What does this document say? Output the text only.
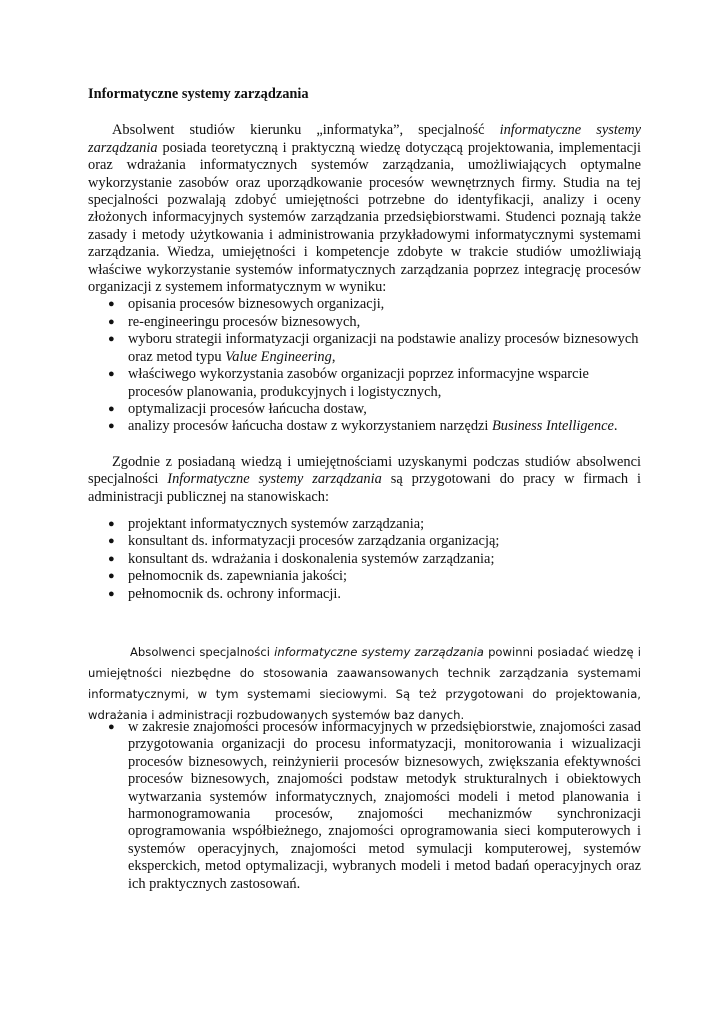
Informatyczne systemy zarządzania

Absolwent studiów kierunku „informatyka”, specjalność informatyczne systemy zarządzania posiada teoretyczną i praktyczną wiedzę dotyczącą projektowania, implementacji oraz wdrażania informatycznych systemów zarządzania, umożliwiających optymalne wykorzystanie zasobów oraz uporządkowanie procesów wewnętrznych firmy. Studia na tej specjalności pozwalają zdobyć umiejętności potrzebne do identyfikacji, analizy i oceny złożonych informacyjnych systemów zarządzania przedsiębiorstwami. Studenci poznają także zasady i metody użytkowania i administrowania przykładowymi informatycznymi systemami zarządzania. Wiedza, umiejętności i kompetencje zdobyte w trakcie studiów umożliwiają właściwe wykorzystanie systemów informatycznych zarządzania poprzez integrację procesów organizacji z systemem informatycznym w wyniku:

● opisania procesów biznesowych organizacji,
● re-engineeringu procesów biznesowych,
● wyboru strategii informatyzacji organizacji na podstawie analizy procesów biznesowych oraz metod typu Value Engineering,
● właściwego wykorzystania zasobów organizacji poprzez informacyjne wsparcie procesów planowania, produkcyjnych i logistycznych,
● optymalizacji procesów łańcucha dostaw,
● analizy procesów łańcucha dostaw z wykorzystaniem narzędzi Business Intelligence.

Zgodnie z posiadaną wiedzą i umiejętnościami uzyskanymi podczas studiów absolwenci specjalności Informatyczne systemy zarządzania są przygotowani do pracy w firmach i administracji publicznej na stanowiskach:

● projektant informatycznych systemów zarządzania;
● konsultant ds. informatyzacji procesów zarządzania organizacją;
● konsultant ds. wdrażania i doskonalenia systemów zarządzania;
● pełnomocnik ds. zapewniania jakości;
● pełnomocnik ds. ochrony informacji.

Absolwenci specjalności informatyczne systemy zarządzania powinni posiadać wiedzę i umiejętności niezbędne do stosowania zaawansowanych technik zarządzania systemami informatycznymi, w tym systemami sieciowymi. Są też przygotowani do projektowania, wdrażania i administracji rozbudowanych systemów baz danych.

● w zakresie znajomości procesów informacyjnych w przedsiębiorstwie, znajomości zasad przygotowania organizacji do procesu informatyzacji, monitorowania i wizualizacji procesów biznesowych, reinżynierii procesów biznesowych, zwiększania efektywności procesów biznesowych, znajomości podstaw metodyk strukturalnych i obiektowych wytwarzania systemów informatycznych, znajomości modeli i metod planowania i harmonogramowania procesów, znajomości mechanizmów synchronizacji oprogramowania współbieżnego, znajomości oprogramowania sieci komputerowych i systemów operacyjnych, znajomości metod symulacji komputerowej, systemów eksperckich, metod optymalizacji, wybranych modeli i metod badań operacyjnych oraz ich praktycznych zastosowań.
